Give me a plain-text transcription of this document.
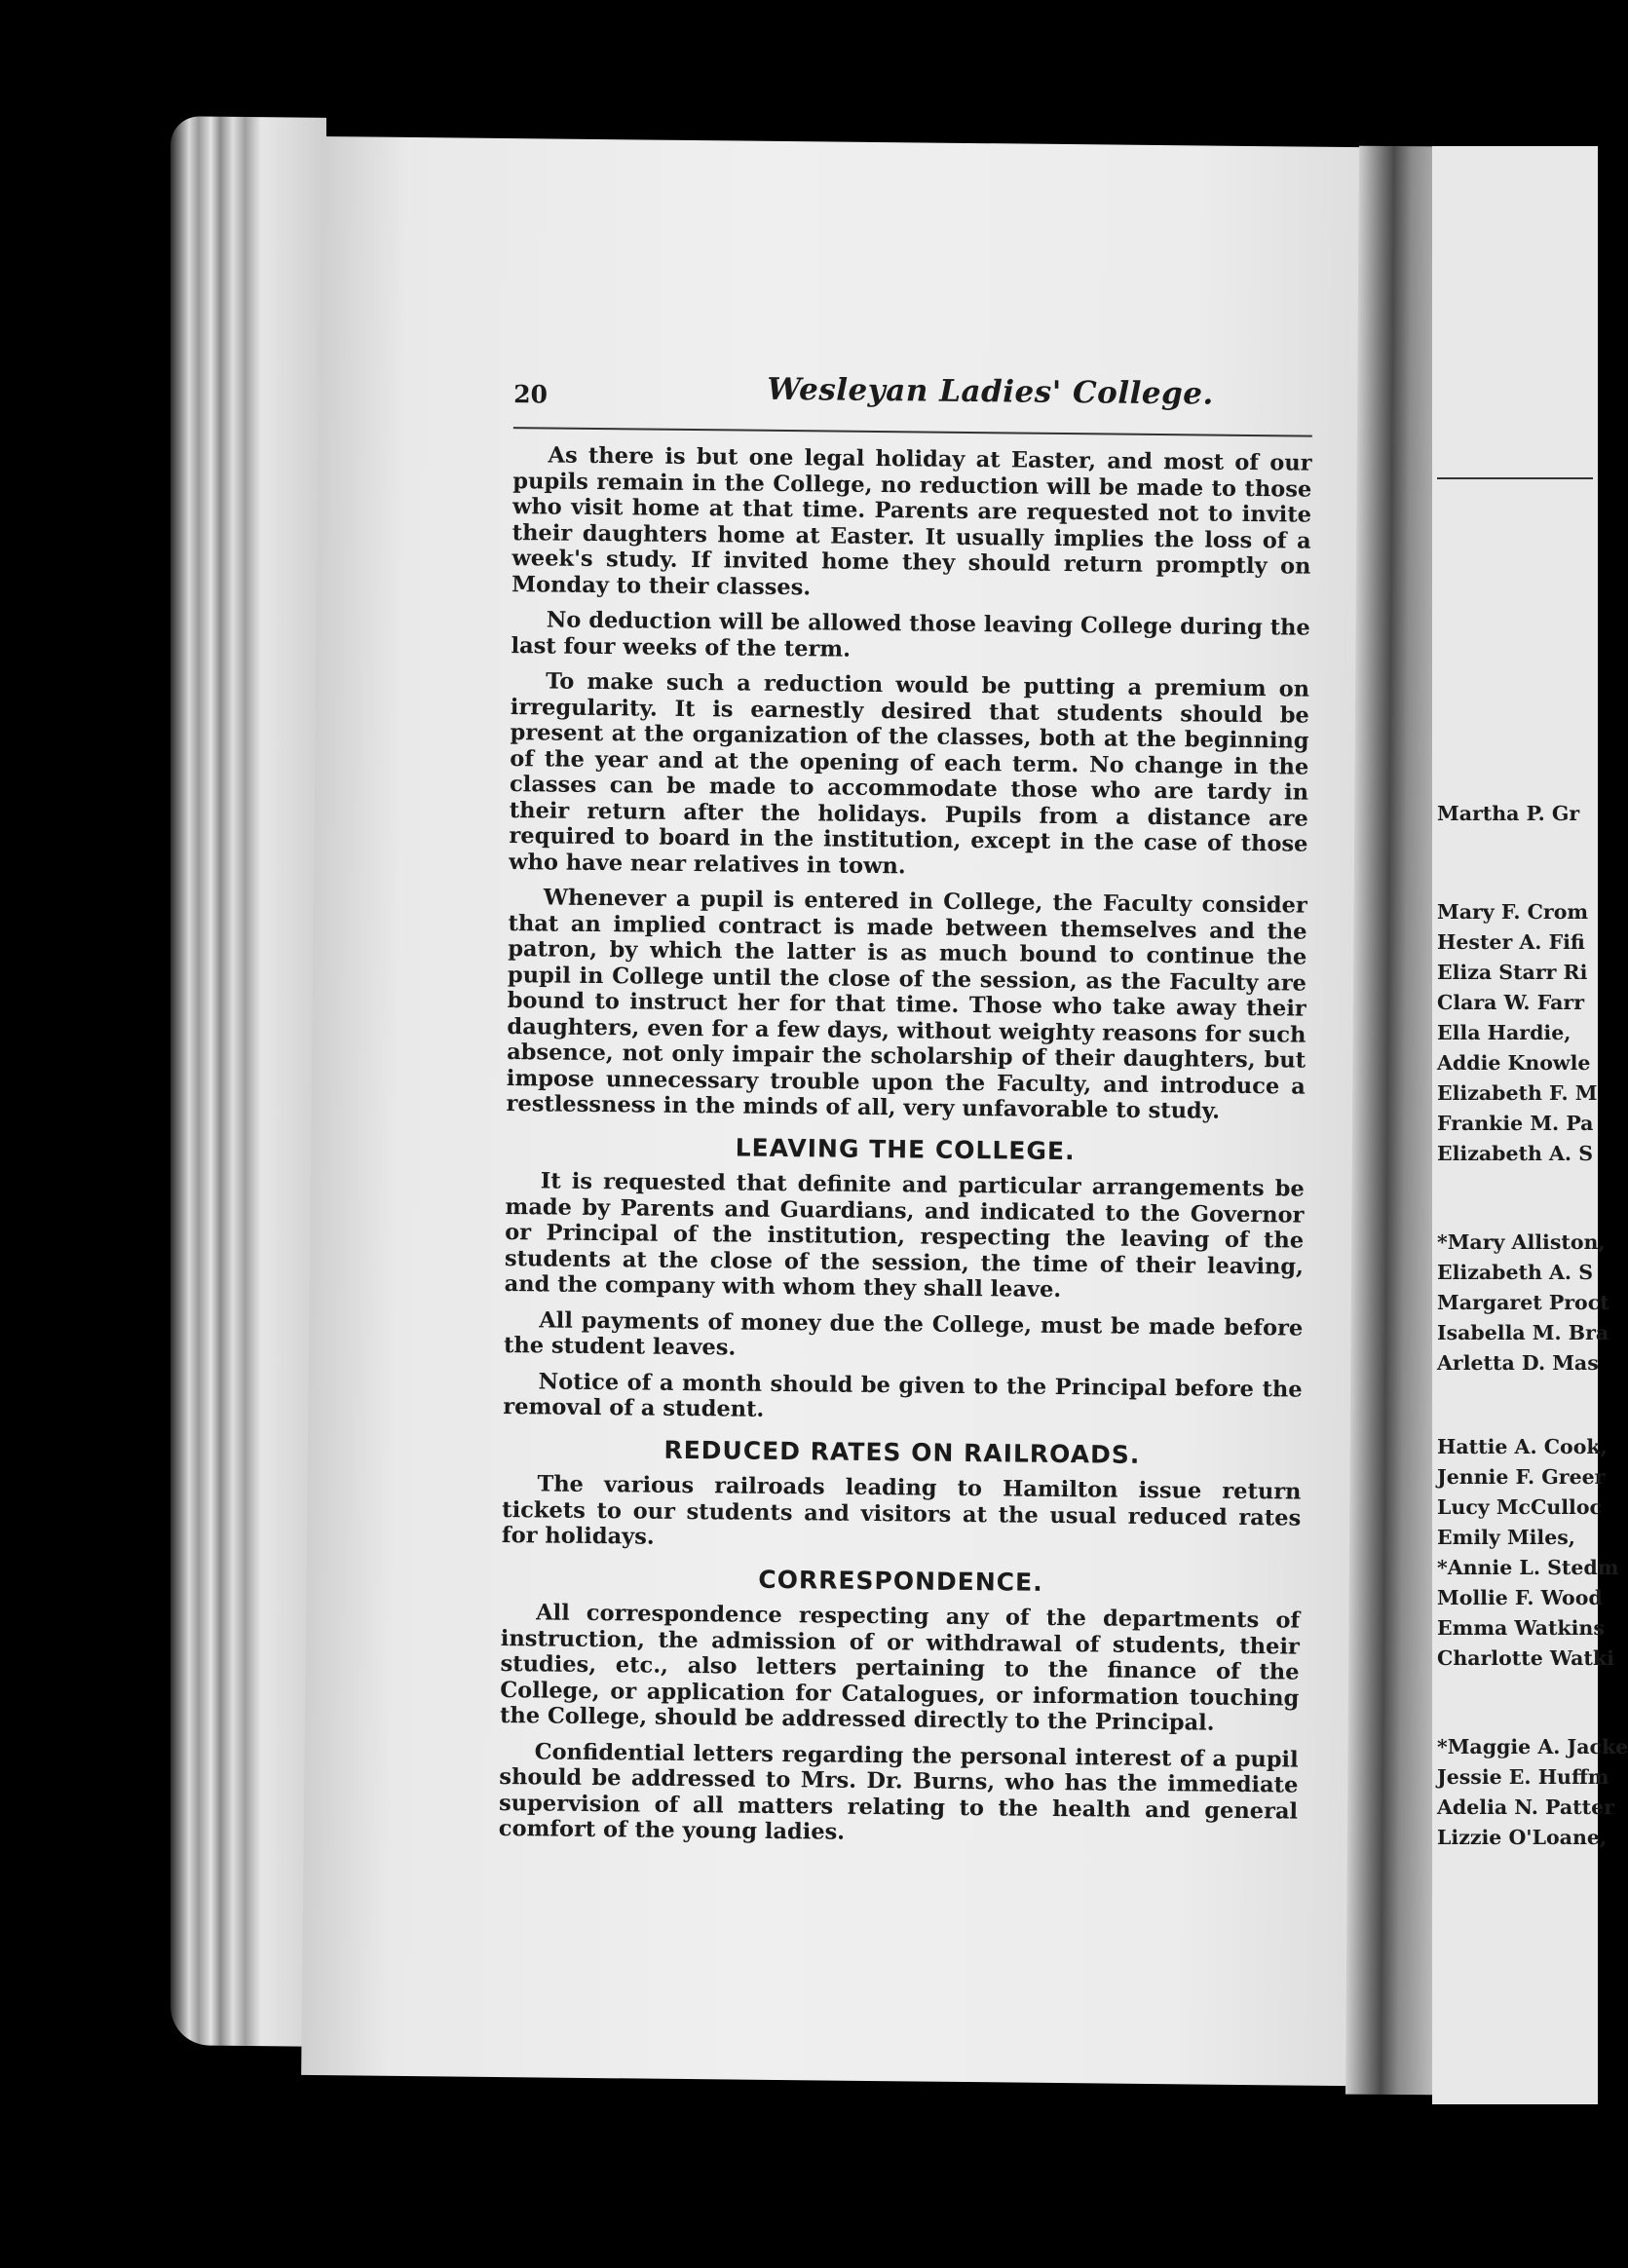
20	Wesleyan Ladies' College.

As there is but one legal holiday at Easter, and most of our pupils remain in the College, no reduction will be made to those who visit home at that time. Parents are requested not to invite their daughters home at Easter. It usually implies the loss of a week's study. If invited home they should return promptly on Monday to their classes.

No deduction will be allowed those leaving College during the last four weeks of the term.

To make such a reduction would be putting a premium on irregularity. It is earnestly desired that students should be present at the organization of the classes, both at the beginning of the year and at the opening of each term. No change in the classes can be made to accommodate those who are tardy in their return after the holidays. Pupils from a distance are required to board in the institution, except in the case of those who have near relatives in town.

Whenever a pupil is entered in College, the Faculty consider that an implied contract is made between themselves and the patron, by which the latter is as much bound to continue the pupil in College until the close of the session, as the Faculty are bound to instruct her for that time. Those who take away their daughters, even for a few days, without weighty reasons for such absence, not only impair the scholarship of their daughters, but impose unnecessary trouble upon the Faculty, and introduce a restlessness in the minds of all, very unfavorable to study.

LEAVING THE COLLEGE.

It is requested that definite and particular arrangements be made by Parents and Guardians, and indicated to the Governor or Principal of the institution, respecting the leaving of the students at the close of the session, the time of their leaving, and the company with whom they shall leave.

All payments of money due the College, must be made before the student leaves.

Notice of a month should be given to the Principal before the removal of a student.

REDUCED RATES ON RAILROADS.

The various railroads leading to Hamilton issue return tickets to our students and visitors at the usual reduced rates for holidays.

CORRESPONDENCE.

All correspondence respecting any of the departments of instruction, the admission of or withdrawal of students, their studies, etc., also letters pertaining to the finance of the College, or application for Catalogues, or information touching the College, should be addressed directly to the Principal.

Confidential letters regarding the personal interest of a pupil should be addressed to Mrs. Dr. Burns, who has the immediate supervision of all matters relating to the health and general comfort of the young ladies.

Martha P. Gr
Mary F. Crom
Hester A. Fifi
Eliza Starr Ri
Clara W. Farr
Ella Hardie,
Addie Knowle
Elizabeth F. M
Frankie M. Pa
Elizabeth A. S
*Mary Alliston,
Elizabeth A. S
Margaret Proct
Isabella M. Bra
Arletta D. Mas
Hattie A. Cook,
Jennie F. Greer
Lucy McCulloc
Emily Miles,
*Annie L. Stedm
Mollie F. Wood
Emma Watkins
Charlotte Watki
*Maggie A. Jacke
Jessie E. Huffm
Adelia N. Patter
Lizzie O'Loane,
